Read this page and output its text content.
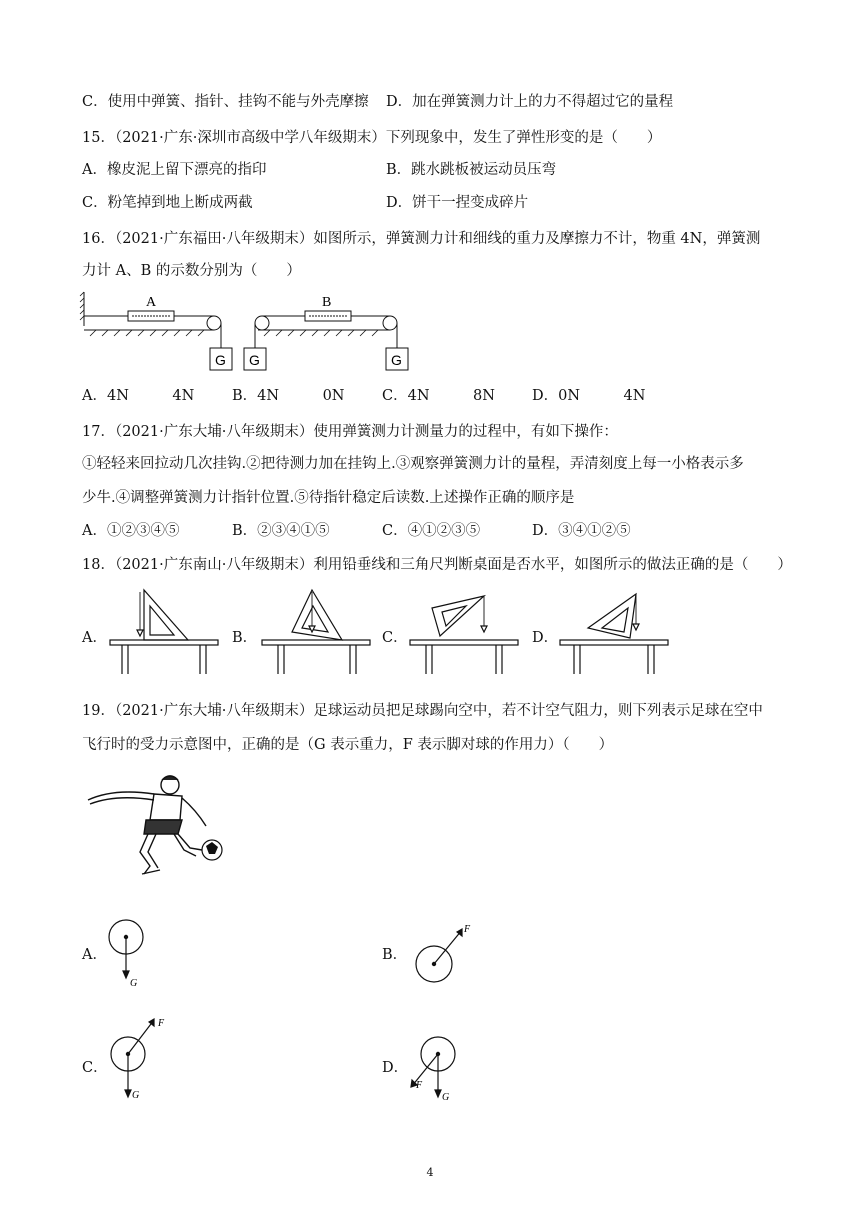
C．使用中弹簧、指针、挂钩不能与外壳摩擦 D．加在弹簧测力计上的力不得超过它的量程
15．（2021·广东·深圳市高级中学八年级期末）下列现象中，发生了弹性形变的是（　　）
A．橡皮泥上留下漂亮的指印	B．跳水跳板被运动员压弯
C．粉笔掉到地上断成两截	D．饼干一捏变成碎片
16．（2021·广东福田·八年级期末）如图所示，弹簧测力计和细线的重力及摩擦力不计，物重 4N，弹簧测
力计 A、B 的示数分别为（　　）
A	B
G G	G
A．4N　　　4N	B．4N　　　0N	C．4N　　　8N	D．0N　　　4N
17．（2021·广东大埔·八年级期末）使用弹簧测力计测量力的过程中，有如下操作：
①轻轻来回拉动几次挂钩.②把待测力加在挂钩上.③观察弹簧测力计的量程，弄清刻度上每一小格表示多
少牛.④调整弹簧测力计指针位置.⑤待指针稳定后读数.上述操作正确的顺序是
A．①②③④⑤	B．②③④①⑤	C．④①②③⑤	D．③④①②⑤
18．（2021·广东南山·八年级期末）利用铅垂线和三角尺判断桌面是否水平，如图所示的做法正确的是（　　）
A．	B．	C．	D．
19．（2021·广东大埔·八年级期末）足球运动员把足球踢向空中，若不计空气阻力，则下列表示足球在空中
飞行时的受力示意图中，正确的是（G 表示重力，F 表示脚对球的作用力）（　　）
A．
G
B．
F
C．
F
G
D．
F
G
4
